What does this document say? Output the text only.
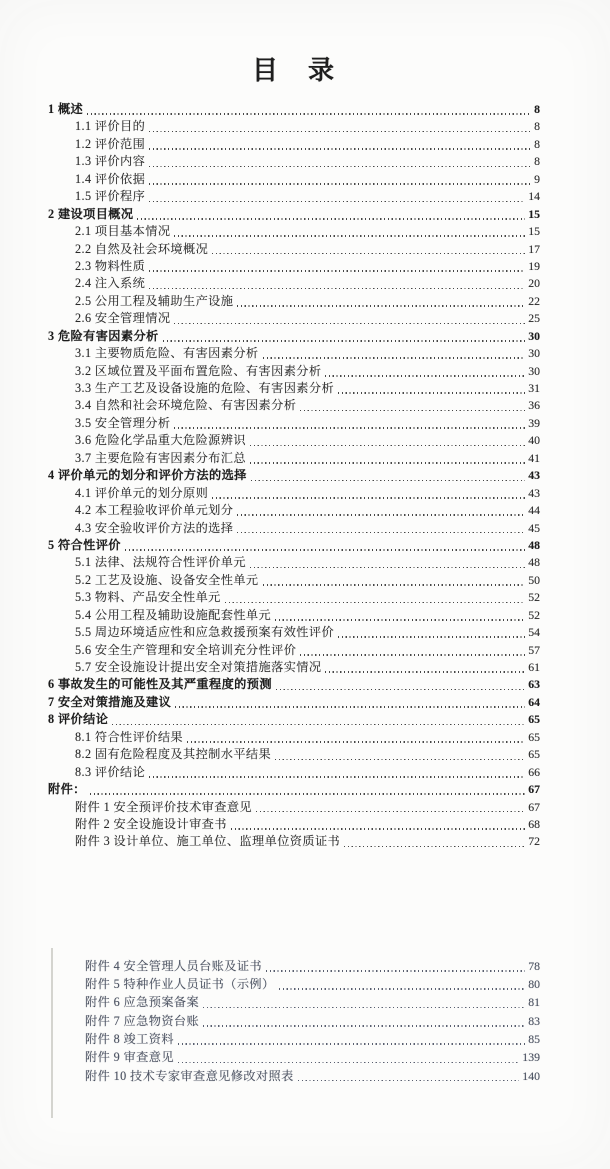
目　录
1 概述	8
1.1 评价目的	8
1.2 评价范围	8
1.3 评价内容	8
1.4 评价依据	9
1.5 评价程序	14
2 建设项目概况	15
2.1 项目基本情况	15
2.2 自然及社会环境概况	17
2.3 物料性质	19
2.4 注入系统	20
2.5 公用工程及辅助生产设施	22
2.6 安全管理情况	25
3 危险有害因素分析	30
3.1 主要物质危险、有害因素分析	30
3.2 区域位置及平面布置危险、有害因素分析	30
3.3 生产工艺及设备设施的危险、有害因素分析	31
3.4 自然和社会环境危险、有害因素分析	36
3.5 安全管理分析	39
3.6 危险化学品重大危险源辨识	40
3.7 主要危险有害因素分布汇总	41
4 评价单元的划分和评价方法的选择	43
4.1 评价单元的划分原则	43
4.2 本工程验收评价单元划分	44
4.3 安全验收评价方法的选择	45
5 符合性评价	48
5.1 法律、法规符合性评价单元	48
5.2 工艺及设施、设备安全性单元	50
5.3 物料、产品安全性单元	52
5.4 公用工程及辅助设施配套性单元	52
5.5 周边环境适应性和应急救援预案有效性评价	54
5.6 安全生产管理和安全培训充分性评价	57
5.7 安全设施设计提出安全对策措施落实情况	61
6 事故发生的可能性及其严重程度的预测	63
7 安全对策措施及建议	64
8 评价结论	65
8.1 符合性评价结果	65
8.2 固有危险程度及其控制水平结果	65
8.3 评价结论	66
附件：	67
附件 1 安全预评价技术审查意见	67
附件 2 安全设施设计审查书	68
附件 3 设计单位、施工单位、监理单位资质证书	72
附件 4 安全管理人员台账及证书	78
附件 5 特种作业人员证书（示例）	80
附件 6 应急预案备案	81
附件 7 应急物资台账	83
附件 8 竣工资料	85
附件 9 审查意见	139
附件 10 技术专家审查意见修改对照表	140
